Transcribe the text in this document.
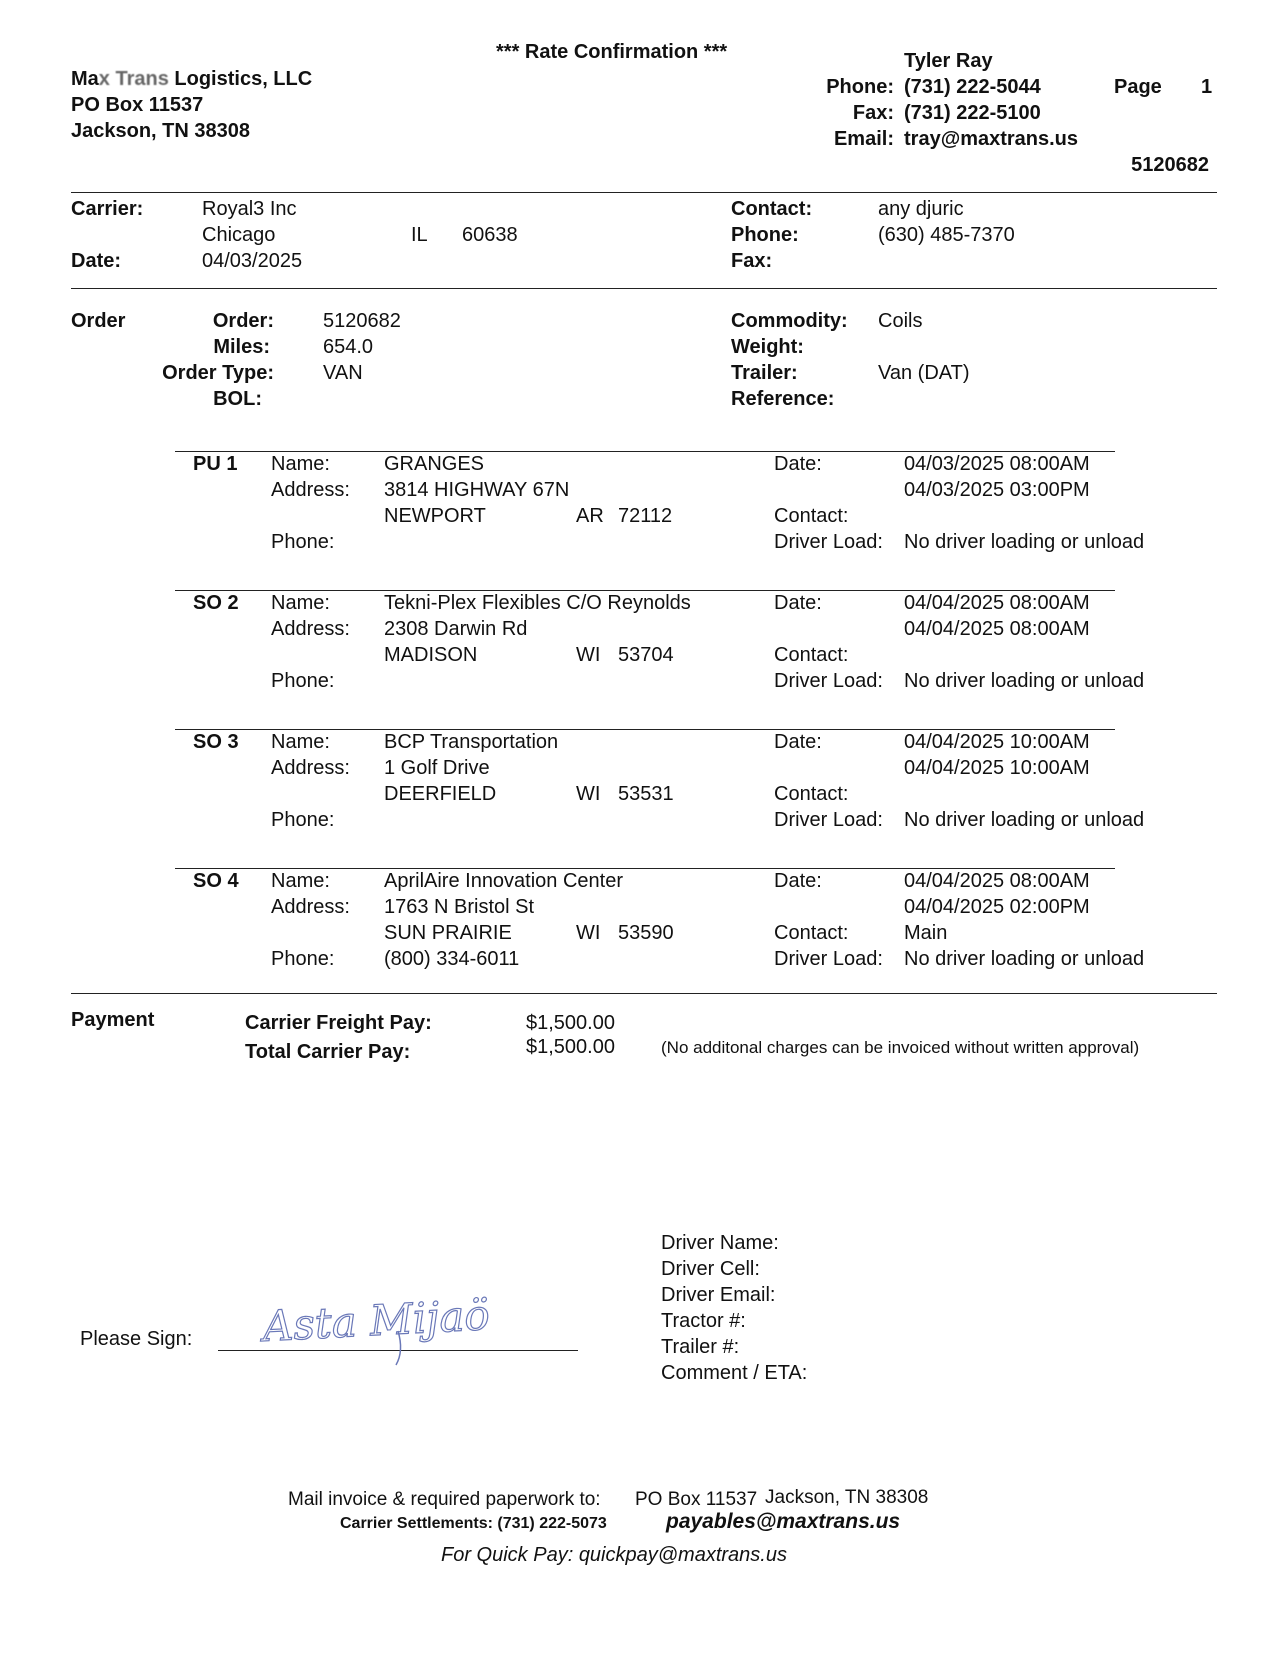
*** Rate Confirmation ***
Max Trans Logistics, LLC
PO Box 11537
Jackson, TN 38308
Tyler Ray
Phone: (731) 222-5044
Fax: (731) 222-5100
Email: tray@maxtrans.us
Page 1
5120682
Carrier:	Royal3 Inc
Chicago	IL 60638
Date:	04/03/2025
Contact:	any djuric
Phone:	(630) 485-7370
Fax:
Order	Order: 5120682
Miles:	654.0
Order Type: VAN
BOL:
Commodity: Coils
Weight:
Trailer:	Van (DAT)
Reference:
PU 1 Name:	GRANGES
Address: 3814 HIGHWAY 67N
NEWPORT	AR 72112
Phone:
Date:	04/03/2025 08:00AM
04/03/2025 03:00PM
Contact:
Driver Load: No driver loading or unload
SO 2 Name:	Tekni-Plex Flexibles C/O Reynolds
Address: 2308 Darwin Rd
MADISON	WI 53704
Phone:
Date:	04/04/2025 08:00AM
04/04/2025 08:00AM
Contact:
Driver Load: No driver loading or unload
SO 3 Name:	BCP Transportation
Address: 1 Golf Drive
DEERFIELD	WI 53531
Phone:
Date:	04/04/2025 10:00AM
04/04/2025 10:00AM
Contact:
Driver Load: No driver loading or unload
SO 4 Name:	AprilAire Innovation Center
Address: 1763 N Bristol St
SUN PRAIRIE	WI 53590
Phone: (800) 334-6011
Date:	04/04/2025 08:00AM
04/04/2025 02:00PM
Contact:	Main
Driver Load: No driver loading or unload
Payment	Carrier Freight Pay:	$1,500.00
Total Carrier Pay:	$1,500.00	(No additonal charges can be invoiced without written approval)
Driver Name:
Driver Cell:
Driver Email:
Tractor #:
Trailer #:
Comment / ETA:
Please Sign: Asta Mijaö
Mail invoice & required paperwork to: PO Box 11537 Jackson, TN 38308
Carrier Settlements: (731) 222-5073	payables@maxtrans.us
For Quick Pay: quickpay@maxtrans.us
